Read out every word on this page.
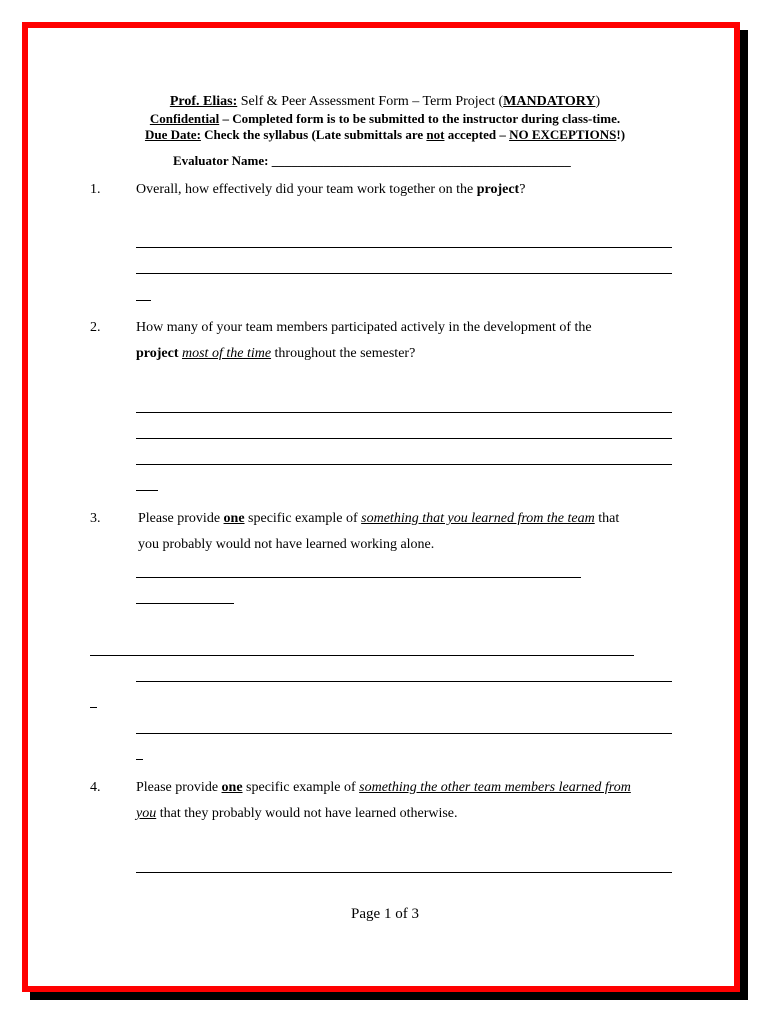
Prof. Elias: Self & Peer Assessment Form – Term Project (MANDATORY)
Confidential – Completed form is to be submitted to the instructor during class-time.
Due Date: Check the syllabus (Late submittals are not accepted – NO EXCEPTIONS!)
Evaluator Name: ______________________________________________
1.	Overall, how effectively did your team work together on the project?
2.	How many of your team members participated actively in the development of the
project most of the time throughout the semester?
3.	Please provide one specific example of something that you learned from the team that
you probably would not have learned working alone.
4.	Please provide one specific example of something the other team members learned from
you that they probably would not have learned otherwise.
Page 1 of 3
